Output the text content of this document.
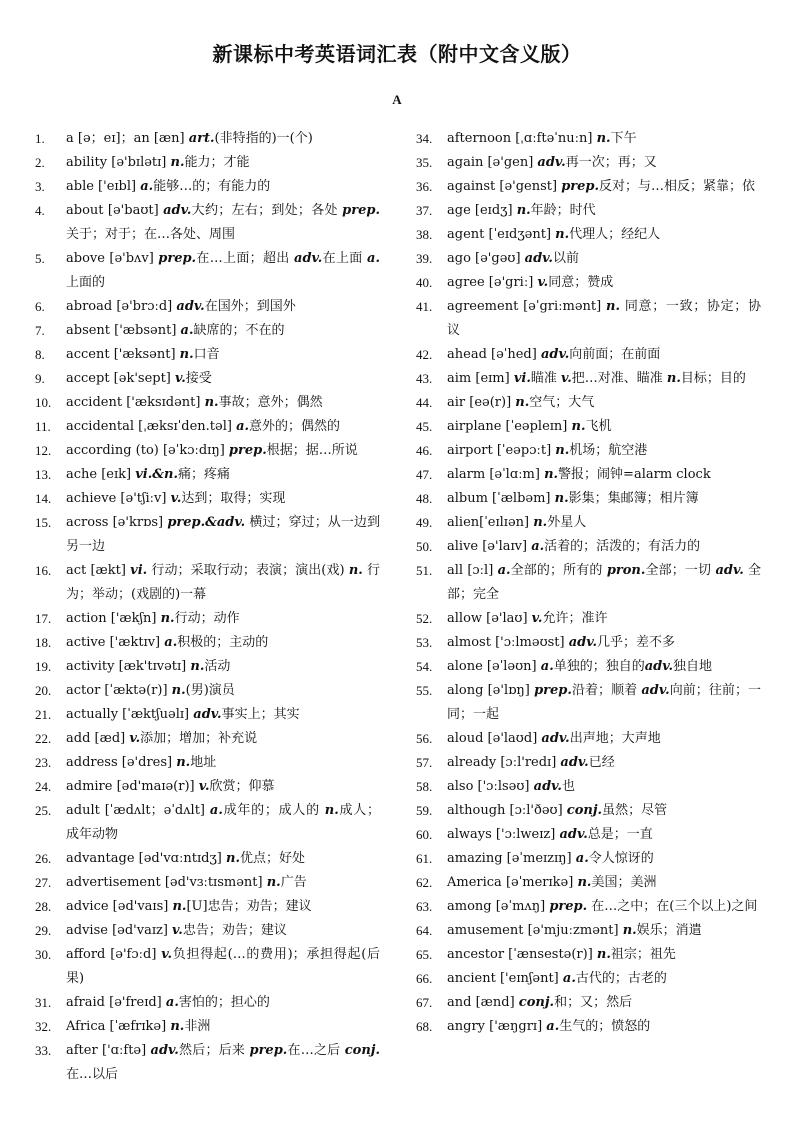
新课标中考英语词汇表（附中文含义版）
A
1.	a [ə；eɪ]；an [æn] art.(非特指的)一(个)
2.	ability [ə'bɪlətɪ] n.能力；才能
3.	able ['eɪbl] a.能够…的；有能力的
4.	about [ə'baʊt] adv.大约；左右；到处；各处 prep. 关于；对于；在…各处、周围
5.	above [ə'bʌv] prep.在…上面；超出 adv.在上面 a. 上面的
6.	abroad [ə'brɔːd] adv.在国外；到国外
7.	absent ['æbsənt] a.缺席的；不在的
8.	accent ['æksənt] n.口音
9.	accept [ək'sept] v.接受
10.	accident ['æksɪdənt] n.事故；意外；偶然
11.	accidental [ˌæksɪˈden.təl] a.意外的；偶然的
12.	according (to) [əˈkɔːdɪŋ] prep.根据；据…所说
13.	ache [eɪk] vi.&n.痛；疼痛
14.	achieve [ə'tʃiːv] v.达到；取得；实现
15.	across [ə'krɒs] prep.&adv. 横过；穿过；从一边到另一边
16.	act [ækt] vi. 行动；采取行动；表演；演出(戏) n. 行为；举动；(戏剧的)一幕
17.	action ['ækʃn] n.行动；动作
18.	active ['æktɪv] a.积极的；主动的
19.	activity [æk'tɪvətɪ] n.活动
20.	actor [ˈæktə(r)] n.(男)演员
21.	actually [ˈæktʃuəlɪ] adv.事实上；其实
22.	add [æd] v.添加；增加；补充说
23.	address [ə'dres] n.地址
24.	admire [əd'maɪə(r)] v.欣赏；仰慕
25.	adult [ˈædʌlt；əˈdʌlt] a.成年的；成人的 n.成人；成年动物
26.	advantage [əd'vɑːntɪdʒ] n.优点；好处
27.	advertisement [əd'vɜːtɪsmənt] n.广告
28.	advice [əd'vaɪs] n.[U]忠告；劝告；建议
29.	advise [əd'vaɪz] v.忠告；劝告；建议
30.	afford [ə'fɔːd] v.负担得起(…的费用)；承担得起(后果)
31.	afraid [ə'freɪd] a.害怕的；担心的
32.	Africa [ˈæfrɪkə] n.非洲
33.	after ['ɑːftə] adv.然后；后来 prep.在…之后 conj. 在…以后
34.	afternoon [ˌɑːftəˈnuːn] n.下午
35.	again [ə'gen] adv.再一次；再；又
36.	against [ə'genst] prep.反对；与…相反；紧靠；依
37.	age [eɪdʒ] n.年龄；时代
38.	agent [ˈeɪdʒənt] n.代理人；经纪人
39.	ago [ə'gəʊ] adv.以前
40.	agree [ə'griː] v.同意；赞成
41.	agreement [əˈgriːmənt] n. 同意；一致；协定；协议
42.	ahead [əˈhed] adv.向前面；在前面
43.	aim [eɪm] vi.瞄准 v.把…对准、瞄准 n.目标；目的
44.	air [eə(r)] n.空气；大气
45.	airplane [ˈeəpleɪn] n.飞机
46.	airport [ˈeəpɔːt] n.机场；航空港
47.	alarm [əˈlɑːm] n.警报；闹钟=alarm clock
48.	album [ˈælbəm] n.影集；集邮簿；相片簿
49.	alien[ˈeɪlɪən] n.外星人
50.	alive [ə'laɪv] a.活着的；活泼的；有活力的
51.	all [ɔːl] a.全部的；所有的 pron.全部；一切 adv. 全部；完全
52.	allow [ə'laʊ] v.允许；准许
53.	almost ['ɔːlməʊst] adv.几乎；差不多
54.	alone [əˈləʊn] a.单独的；独自的adv.独自地
55.	along [ə'lɒŋ] prep.沿着；顺着 adv.向前；往前；一同；一起
56.	aloud [ə'laʊd] adv.出声地；大声地
57.	already [ɔːl'redɪ] adv.已经
58.	also ['ɔːlsəʊ] adv.也
59.	although [ɔːl'ðəʊ] conj.虽然；尽管
60.	always ['ɔːlweɪz] adv.总是；一直
61.	amazing [əˈmeɪzɪŋ] a.令人惊讶的
62.	America [əˈmerɪkə] n.美国；美洲
63.	among [əˈmʌŋ] prep. 在…之中；在(三个以上)之间
64.	amusement [ə'mjuːzmənt] n.娱乐；消遣
65.	ancestor [ˈænsestə(r)] n.祖宗；祖先
66.	ancient ['eɪnʃənt] a.古代的；古老的
67.	and [ænd] conj.和；又；然后
68.	angry ['æŋgrɪ] a.生气的；愤怒的
